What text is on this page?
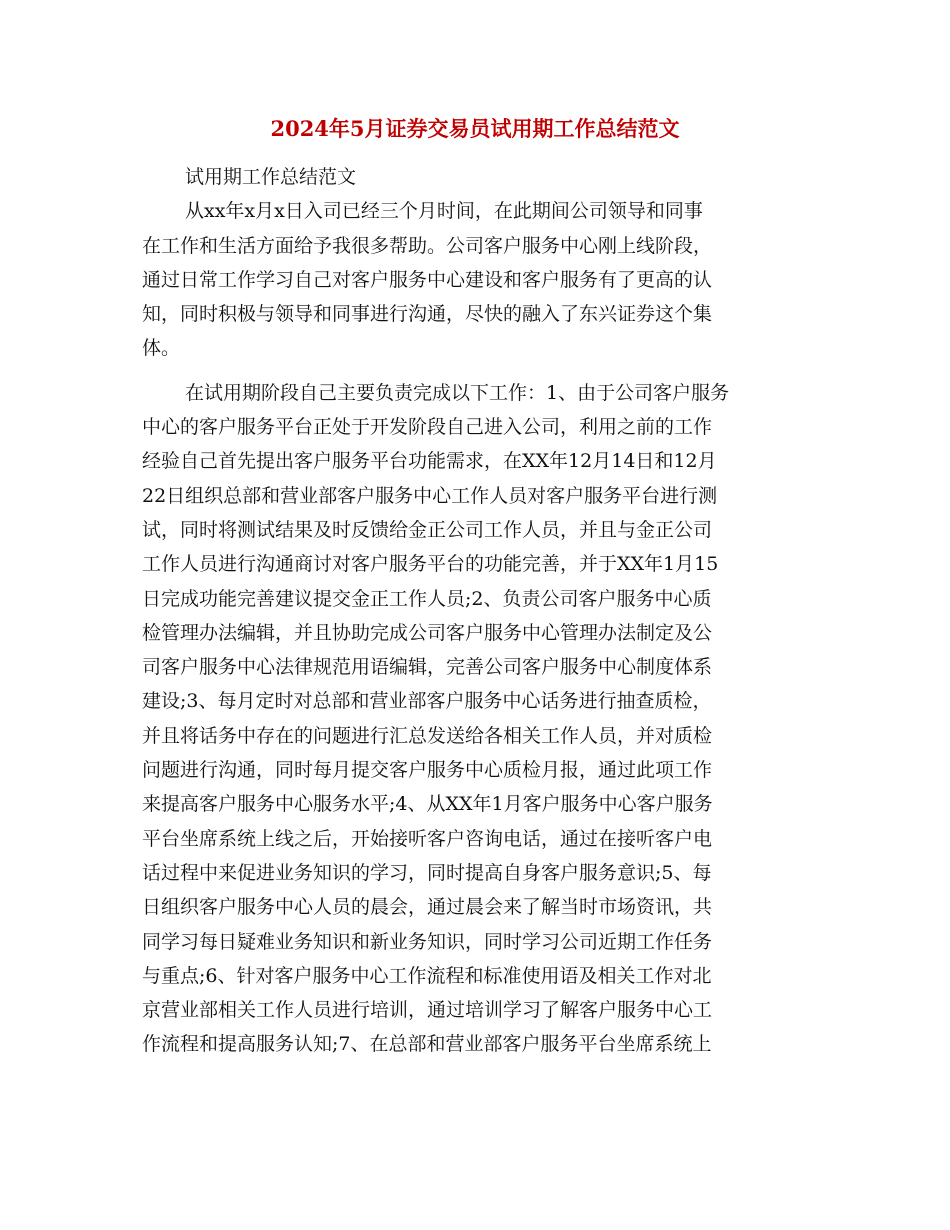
2024年5月证券交易员试用期工作总结范文
试用期工作总结范文
从xx年x月x日入司已经三个月时间，在此期间公司领导和同事
在工作和生活方面给予我很多帮助。公司客户服务中心刚上线阶段，
通过日常工作学习自己对客户服务中心建设和客户服务有了更高的认
知，同时积极与领导和同事进行沟通，尽快的融入了东兴证券这个集
体。
在试用期阶段自己主要负责完成以下工作：1、由于公司客户服务
中心的客户服务平台正处于开发阶段自己进入公司，利用之前的工作
经验自己首先提出客户服务平台功能需求，在XX年12月14日和12月
22日组织总部和营业部客户服务中心工作人员对客户服务平台进行测
试，同时将测试结果及时反馈给金正公司工作人员，并且与金正公司
工作人员进行沟通商讨对客户服务平台的功能完善，并于XX年1月15
日完成功能完善建议提交金正工作人员;2、负责公司客户服务中心质
检管理办法编辑，并且协助完成公司客户服务中心管理办法制定及公
司客户服务中心法律规范用语编辑，完善公司客户服务中心制度体系
建设;3、每月定时对总部和营业部客户服务中心话务进行抽查质检，
并且将话务中存在的问题进行汇总发送给各相关工作人员，并对质检
问题进行沟通，同时每月提交客户服务中心质检月报，通过此项工作
来提高客户服务中心服务水平;4、从XX年1月客户服务中心客户服务
平台坐席系统上线之后，开始接听客户咨询电话，通过在接听客户电
话过程中来促进业务知识的学习，同时提高自身客户服务意识;5、每
日组织客户服务中心人员的晨会，通过晨会来了解当时市场资讯，共
同学习每日疑难业务知识和新业务知识，同时学习公司近期工作任务
与重点;6、针对客户服务中心工作流程和标准使用语及相关工作对北
京营业部相关工作人员进行培训，通过培训学习了解客户服务中心工
作流程和提高服务认知;7、在总部和营业部客户服务平台坐席系统上
